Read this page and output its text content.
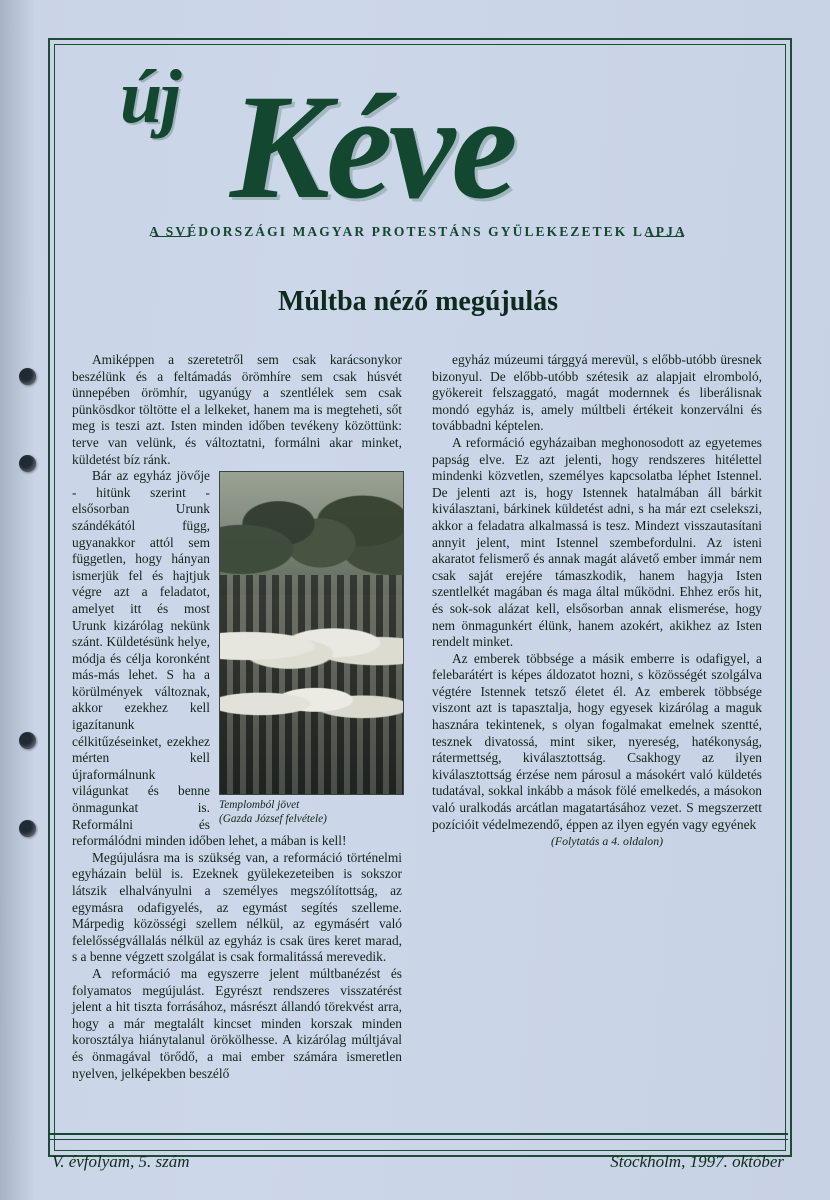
új Kéve
A SVÉDORSZÁGI MAGYAR PROTESTÁNS GYÜLEKEZETEK LAPJA
Múltba néző megújulás

Amiképpen a szeretetről sem csak karácsonykor beszélünk és a feltámadás örömhíre sem csak húsvét ünnepében örömhír, ugyanúgy a szentlélek sem csak pünkösdkor töltötte el a lelkeket, hanem ma is megteheti, sőt meg is teszi azt. Isten minden időben tevékeny közöttünk: terve van velünk, és változtatni, formálni akar minket, küldetést bíz ránk.

Templomból jövet
(Gazda József felvétele)

Bár az egyház jövője - hitünk szerint - elsősorban Urunk szándékától függ, ugyanakkor attól sem független, hogy hányan ismerjük fel és hajtjuk végre azt a feladatot, amelyet itt és most Urunk kizárólag nekünk szánt. Küldetésünk helye, módja és célja koronként más-más lehet. S ha a körülmények változnak, akkor ezekhez kell igazítanunk célkitűzéseinket, ezekhez mérten kell újraformálnunk világunkat és benne önmagunkat is. Reformálni és reformálódni minden időben lehet, a mában is kell!

Megújulásra ma is szükség van, a reformáció történelmi egyházain belül is. Ezeknek gyülekezeteiben is sokszor látszik elhalványulni a személyes megszólítottság, az egymásra odafigyelés, az egymást segítés szelleme. Márpedig közösségi szellem nélkül, az egymásért való felelősségvállalás nélkül az egyház is csak üres keret marad, s a benne végzett szolgálat is csak formalitássá merevedik.

A reformáció ma egyszerre jelent múltbanézést és folyamatos megújulást. Egyrészt rendszeres visszatérést jelent a hit tiszta forrásához, másrészt állandó törekvést arra, hogy a már megtalált kincset minden korszak minden korosztálya hiánytalanul örökölhesse. A kizárólag múltjával és önmagával törődő, a mai ember számára ismeretlen nyelven, jelképekben beszélő

egyház múzeumi tárggyá merevül, s előbb-utóbb üresnek bizonyul. De előbb-utóbb szétesik az alapjait elromboló, gyökereit felszaggató, magát modernnek és liberálisnak mondó egyház is, amely múltbeli értékeit konzerválni és továbbadni képtelen.

A reformáció egyházaiban meghonosodott az egyetemes papság elve. Ez azt jelenti, hogy rendszeres hitélettel mindenki közvetlen, személyes kapcsolatba léphet Istennel. De jelenti azt is, hogy Istennek hatalmában áll bárkit kiválasztani, bárkinek küldetést adni, s ha már ezt cselekszi, akkor a feladatra alkalmassá is tesz. Mindezt visszautasítani annyit jelent, mint Istennel szembefordulni. Az isteni akaratot felismerő és annak magát alávető ember immár nem csak saját erejére támaszkodik, hanem hagyja Isten szentlelkét magában és maga által működni. Ehhez erős hit, és sok-sok alázat kell, elsősorban annak elismerése, hogy nem önmagunkért élünk, hanem azokért, akikhez az Isten rendelt minket.

Az emberek többsége a másik emberre is odafigyel, a felebarátért is képes áldozatot hozni, s közösségét szolgálva végtére Istennek tetsző életet él. Az emberek többsége viszont azt is tapasztalja, hogy egyesek kizárólag a maguk hasznára tekintenek, s olyan fogalmakat emelnek szentté, tesznek divatossá, mint siker, nyereség, hatékonyság, rátermettség, kiválasztottság. Csakhogy az ilyen kiválasztottság érzése nem párosul a másokért való küldetés tudatával, sokkal inkább a mások fölé emelkedés, a másokon való uralkodás arcátlan magatartásához vezet. S megszerzett pozícióit védelmezendő, éppen az ilyen egyén vagy egyének

(Folytatás a 4. oldalon)

V. évfolyam, 5. szám	Stockholm, 1997. október
